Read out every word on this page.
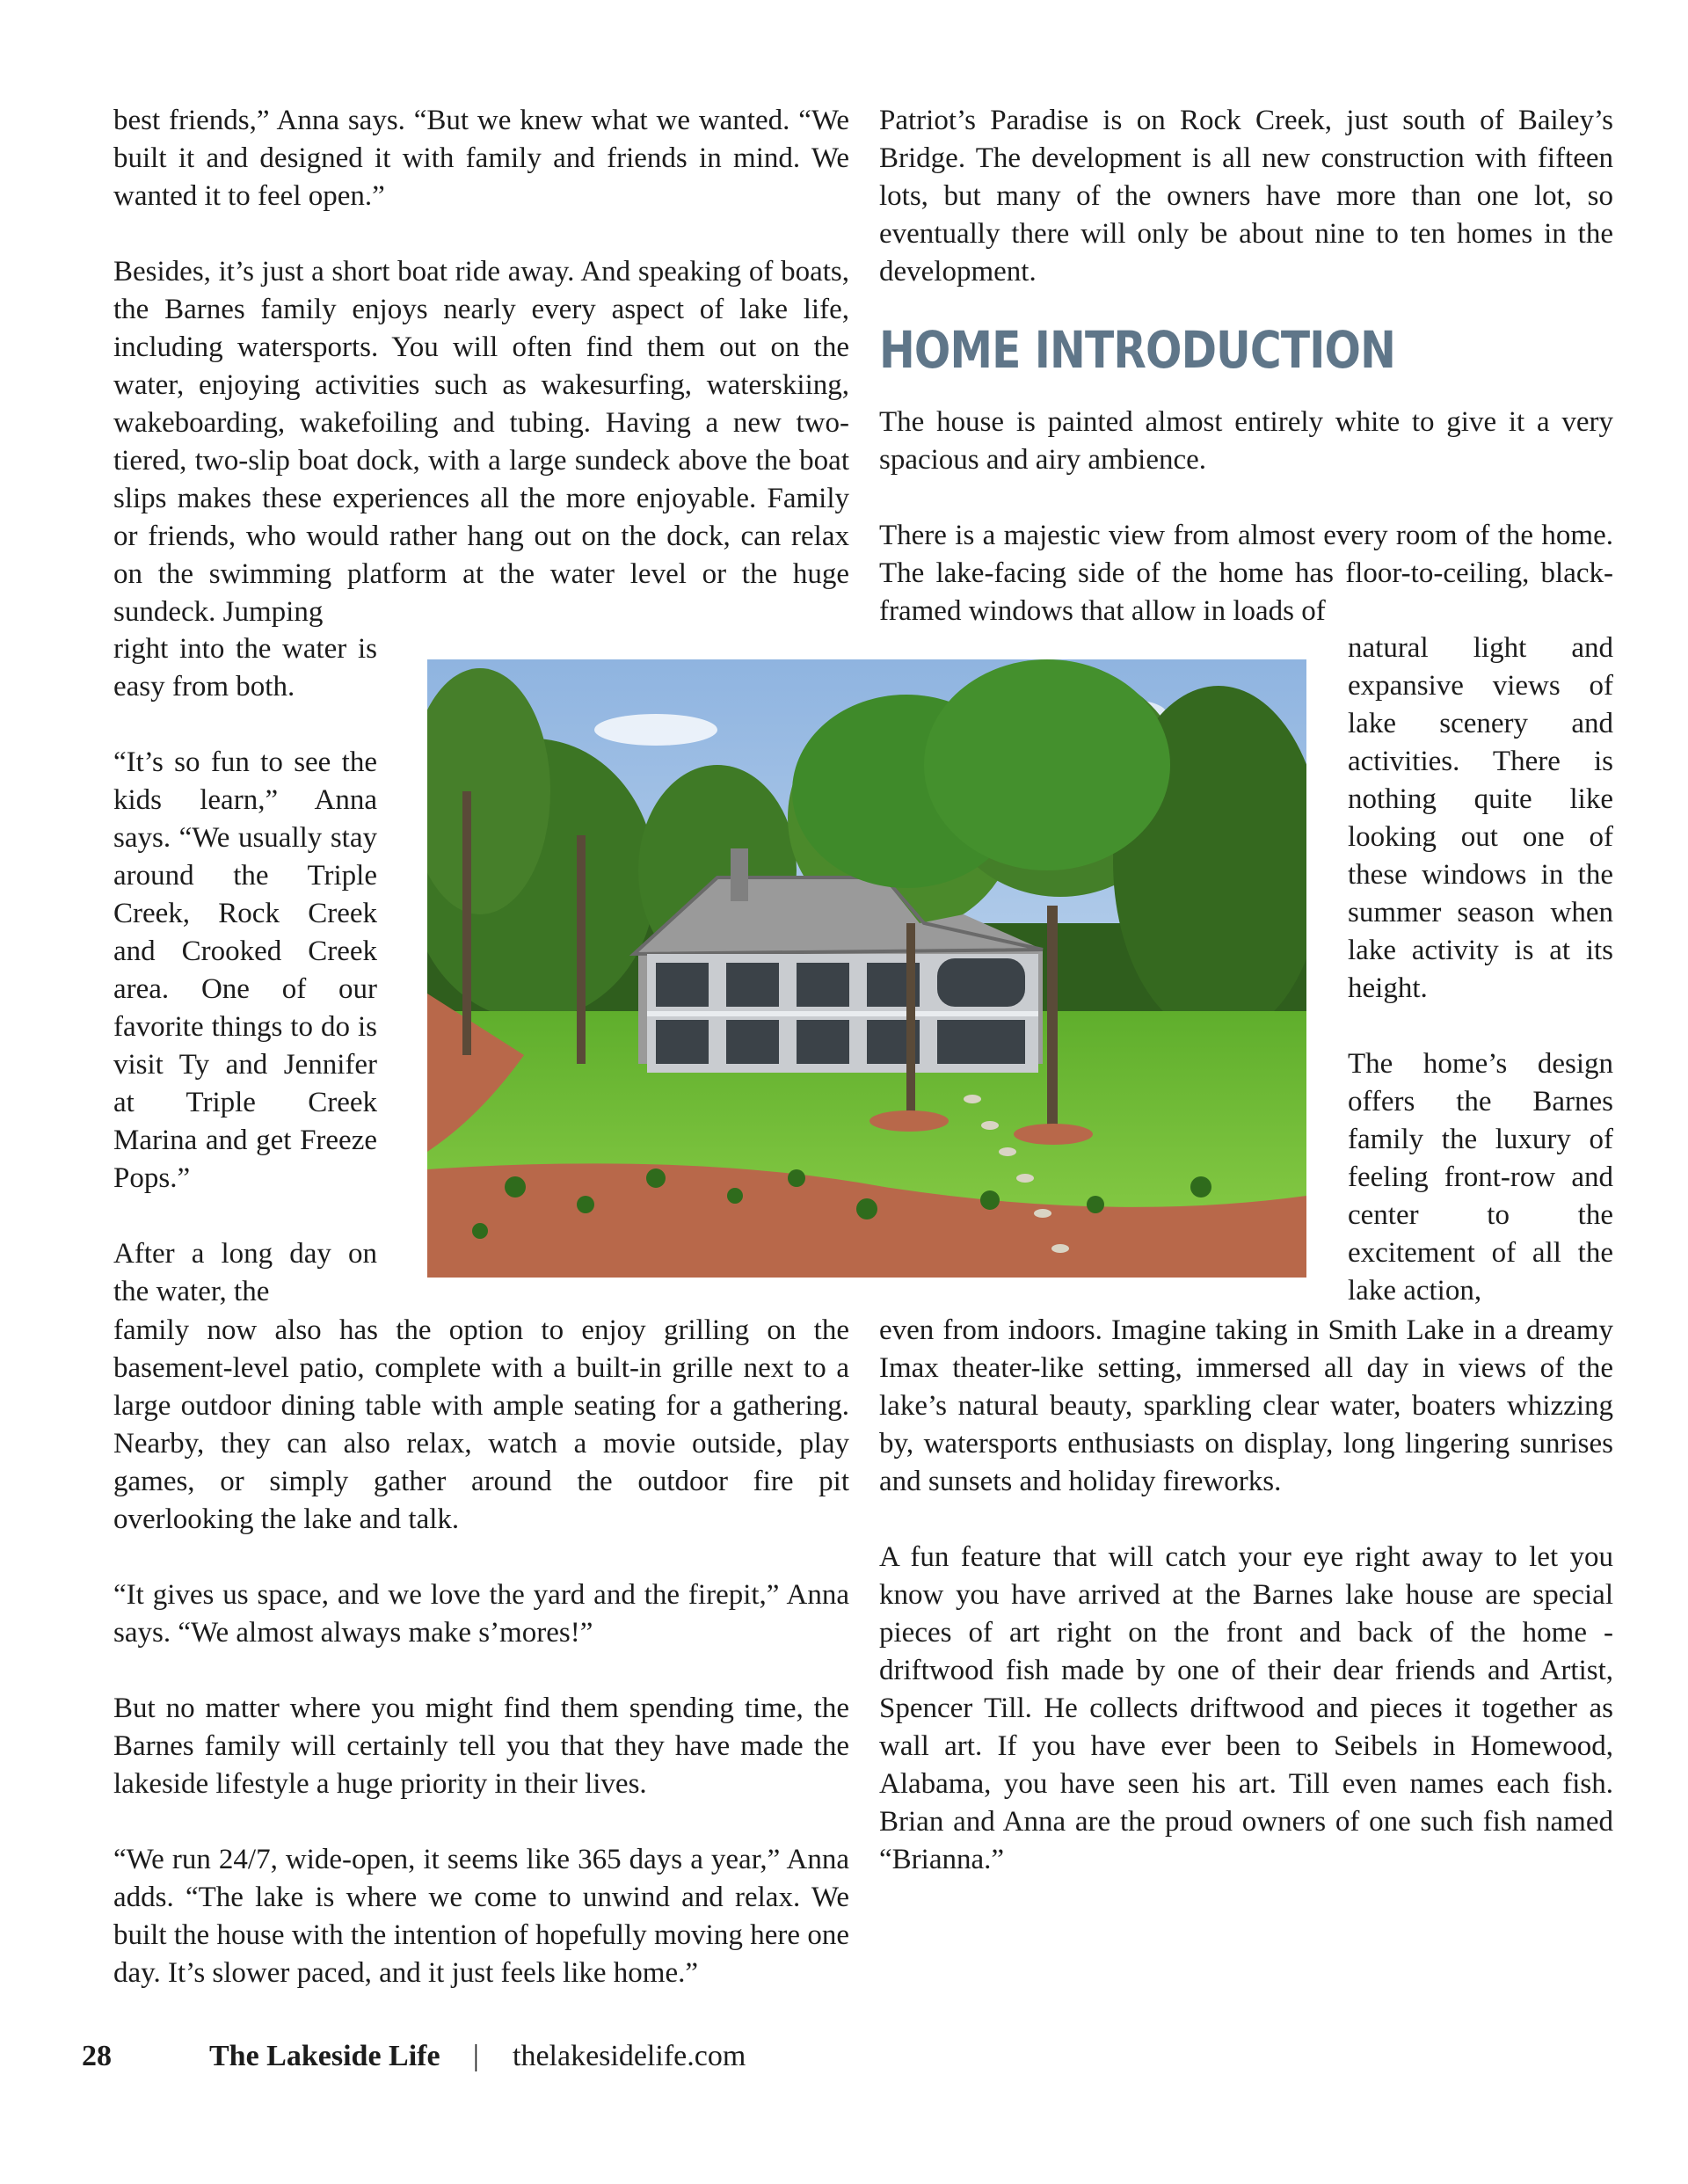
best friends,” Anna says. “But we knew what we wanted. “We built it and designed it with family and friends in mind. We wanted it to feel open.”

Besides, it’s just a short boat ride away. And speaking of boats, the Barnes family enjoys nearly every aspect of lake life, including watersports. You will often find them out on the water, enjoying activities such as wakesurfing, waterskiing, wakeboarding, wakefoiling and tubing. Having a new two-tiered, two-slip boat dock, with a large sundeck above the boat slips makes these experiences all the more enjoyable. Family or friends, who would rather hang out on the dock, can relax on the swimming platform at the water level or the huge sundeck. Jumping

right into the water is easy from both.

“It’s so fun to see the kids learn,” Anna says. “We usually stay around the Triple Creek, Rock Creek and Crooked Creek area. One of our favorite things to do is visit Ty and Jennifer at Triple Creek Marina and get Freeze Pops.”

After a long day on the water, the

family now also has the option to enjoy grilling on the basement-level patio, complete with a built-in grille next to a large outdoor dining table with ample seating for a gathering. Nearby, they can also relax, watch a movie outside, play games, or simply gather around the outdoor fire pit overlooking the lake and talk.

“It gives us space, and we love the yard and the firepit,” Anna says. “We almost always make s’mores!”

But no matter where you might find them spending time, the Barnes family will certainly tell you that they have made the lakeside lifestyle a huge priority in their lives.

“We run 24/7, wide-open, it seems like 365 days a year,” Anna adds. “The lake is where we come to unwind and relax. We built the house with the intention of hopefully moving here one day. It’s slower paced, and it just feels like home.”

Patriot’s Paradise is on Rock Creek, just south of Bailey’s Bridge. The development is all new construction with fifteen lots, but many of the owners have more than one lot, so eventually there will only be about nine to ten homes in the development.

HOME INTRODUCTION

The house is painted almost entirely white to give it a very spacious and airy ambience.

There is a majestic view from almost every room of the home. The lake-facing side of the home has floor-to-ceiling, black-framed windows that allow in loads of

natural light and expansive views of lake scenery and activities. There is nothing quite like looking out one of these windows in the summer season when lake activity is at its height.

The home’s design offers the Barnes family the luxury of feeling front-row and center to the excitement of all the lake action,

even from indoors. Imagine taking in Smith Lake in a dreamy Imax theater-like setting, immersed all day in views of the lake’s natural beauty, sparkling clear water, boaters whizzing by, watersports enthusiasts on display, long lingering sunrises and sunsets and holiday fireworks.

A fun feature that will catch your eye right away to let you know you have arrived at the Barnes lake house are special pieces of art right on the front and back of the home - driftwood fish made by one of their dear friends and Artist, Spencer Till. He collects driftwood and pieces it together as wall art. If you have ever been to Seibels in Homewood, Alabama, you have seen his art. Till even names each fish. Brian and Anna are the proud owners of one such fish named “Brianna.”

28	The Lakeside Life | thelakesidelife.com
